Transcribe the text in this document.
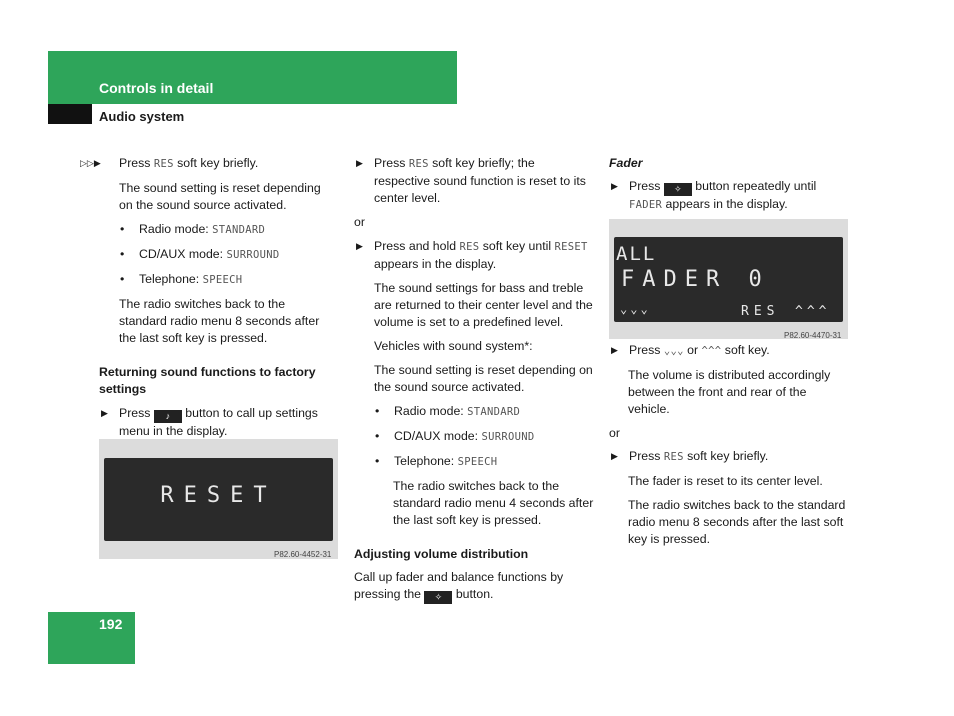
Controls in detail
Audio system

▷▷▶ Press RES soft key briefly.

The sound setting is reset depending on the sound source activated.

• Radio mode: STANDARD

• CD/AUX mode: SURROUND

• Telephone: SPEECH

The radio switches back to the standard radio menu 8 seconds after the last soft key is pressed.

Returning sound functions to factory settings

▶ Press ♪ button to call up settings menu in the display.

RESET
P82.60-4452-31

▶ Press RES soft key briefly; the respective sound function is reset to its center level.

or

▶ Press and hold RES soft key until RESET appears in the display.

The sound settings for bass and treble are returned to their center level and the volume is set to a predefined level.

Vehicles with sound system*:

The sound setting is reset depending on the sound source activated.

• Radio mode: STANDARD

• CD/AUX mode: SURROUND

• Telephone: SPEECH

The radio switches back to the standard radio menu 4 seconds after the last soft key is pressed.

Adjusting volume distribution

Call up fader and balance functions by pressing the ✧ button.

Fader

▶ Press ✧ button repeatedly until FADER appears in the display.

ALL
FADER 0
⌄⌄⌄	RES ^^^
P82.60-4470-31

▶ Press ⌄⌄⌄ or ^^^ soft key.

The volume is distributed accordingly between the front and rear of the vehicle.

or

▶ Press RES soft key briefly.

The fader is reset to its center level.

The radio switches back to the standard radio menu 8 seconds after the last soft key is pressed.

192
